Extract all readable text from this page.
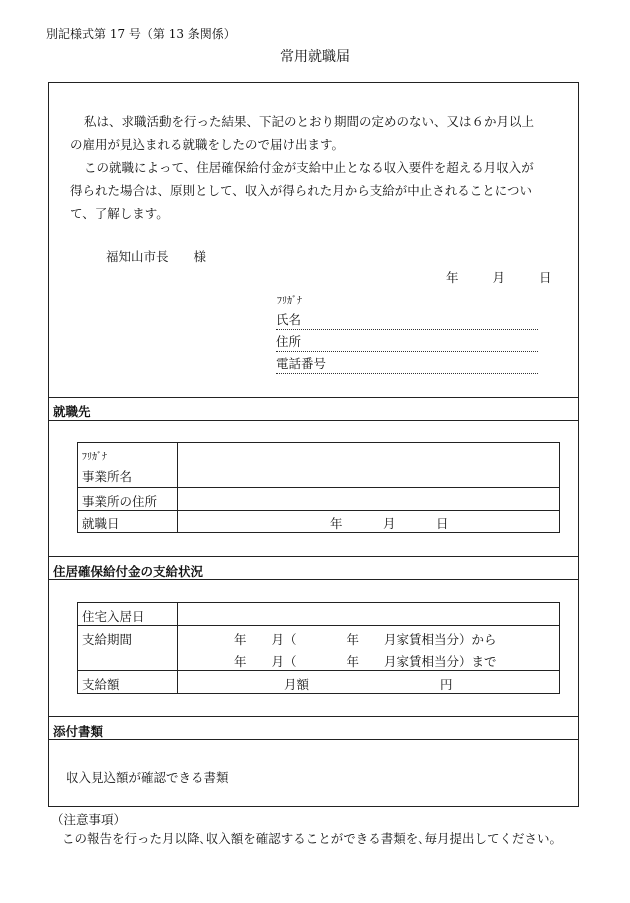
別記様式第 17 号（第 13 条関係）
常用就職届
私は、求職活動を行った結果、下記のとおり期間の定めのない、又は６か月以上
の雇用が見込まれる就職をしたので届け出ます。
この就職によって、住居確保給付金が支給中止となる収入要件を超える月収入が
得られた場合は、原則として、収入が得られた月から支給が中止されることについ
て、了解します。
福知山市長　　様
年	月	日
ﾌﾘｶﾞﾅ
氏名
住所
電話番号
就職先
ﾌﾘｶﾞﾅ
事業所名	

事業所の住所	

就職日	年 月 日
住居確保給付金の支給状況
住宅入居日	

支給期間	年　　月（　　　　年　　月家賃相当分）から
年　　月（　　　　年　　月家賃相当分）まで

支給額	月額 円
添付書類
収入見込額が確認できる書類
（注意事項）
この報告を行った月以降､収入額を確認することができる書類を､毎月提出してください。
